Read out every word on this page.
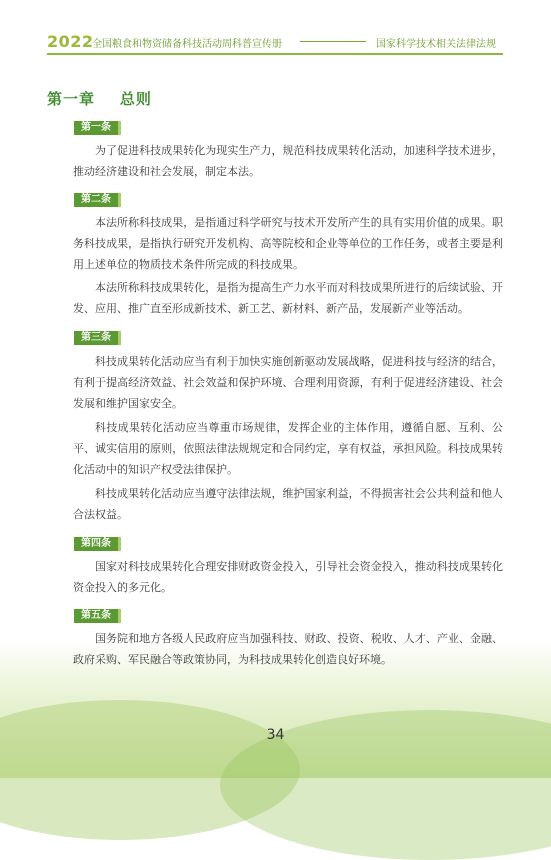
2022
全国粮食和物资储备科技活动周科普宣传册	国家科学技术相关法律法规
第一章    总则
第一条
为了促进科技成果转化为现实生产力，规范科技成果转化活动，加速科学技术进步，推动经济建设和社会发展，制定本法。
第二条
本法所称科技成果，是指通过科学研究与技术开发所产生的具有实用价值的成果。职务科技成果，是指执行研究开发机构、高等院校和企业等单位的工作任务，或者主要是利用上述单位的物质技术条件所完成的科技成果。
本法所称科技成果转化，是指为提高生产力水平而对科技成果所进行的后续试验、开发、应用、推广直至形成新技术、新工艺、新材料、新产品，发展新产业等活动。
第三条
科技成果转化活动应当有利于加快实施创新驱动发展战略，促进科技与经济的结合，有利于提高经济效益、社会效益和保护环境、合理利用资源，有利于促进经济建设、社会发展和维护国家安全。
科技成果转化活动应当尊重市场规律，发挥企业的主体作用，遵循自愿、互利、公平、诚实信用的原则，依照法律法规规定和合同约定，享有权益，承担风险。科技成果转化活动中的知识产权受法律保护。
科技成果转化活动应当遵守法律法规，维护国家利益，不得损害社会公共利益和他人合法权益。
第四条
国家对科技成果转化合理安排财政资金投入，引导社会资金投入，推动科技成果转化资金投入的多元化。
第五条
国务院和地方各级人民政府应当加强科技、财政、投资、税收、人才、产业、金融、政府采购、军民融合等政策协同，为科技成果转化创造良好环境。
34
